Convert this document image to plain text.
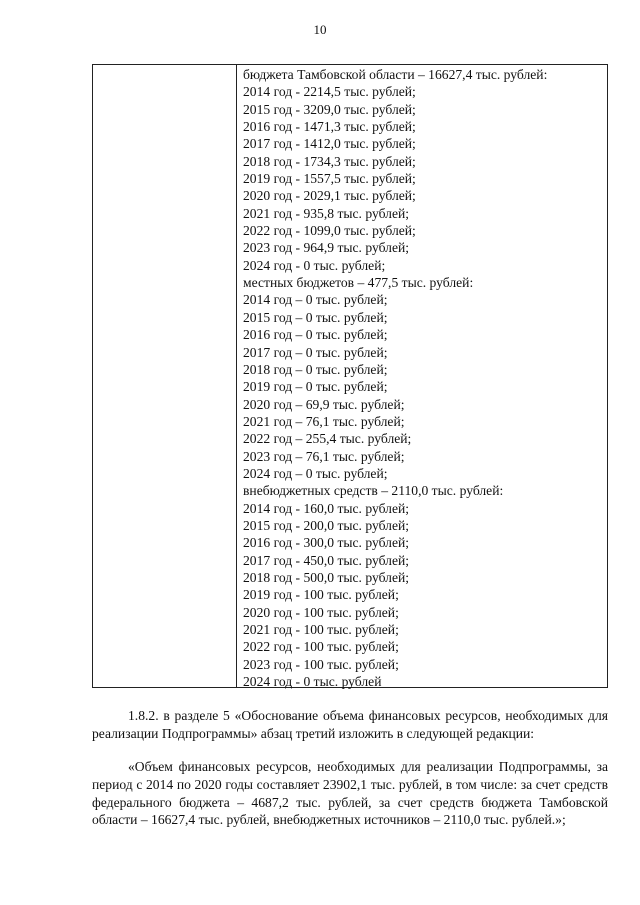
10
бюджета Тамбовской области – 16627,4 тыс. рублей:
2014 год - 2214,5 тыс. рублей;
2015 год - 3209,0 тыс. рублей;
2016 год - 1471,3 тыс. рублей;
2017 год - 1412,0 тыс. рублей;
2018 год - 1734,3 тыс. рублей;
2019 год - 1557,5 тыс. рублей;
2020 год - 2029,1 тыс. рублей;
2021 год - 935,8 тыс. рублей;
2022 год - 1099,0 тыс. рублей;
2023 год - 964,9 тыс. рублей;
2024 год - 0 тыс. рублей;
местных бюджетов – 477,5 тыс. рублей:
2014 год – 0 тыс. рублей;
2015 год – 0 тыс. рублей;
2016 год – 0 тыс. рублей;
2017 год – 0 тыс. рублей;
2018 год – 0 тыс. рублей;
2019 год – 0 тыс. рублей;
2020 год – 69,9 тыс. рублей;
2021 год – 76,1 тыс. рублей;
2022 год – 255,4 тыс. рублей;
2023 год – 76,1 тыс. рублей;
2024 год – 0 тыс. рублей;
внебюджетных средств – 2110,0 тыс. рублей:
2014 год - 160,0 тыс. рублей;
2015 год - 200,0 тыс. рублей;
2016 год - 300,0 тыс. рублей;
2017 год - 450,0 тыс. рублей;
2018 год - 500,0 тыс. рублей;
2019 год - 100 тыс. рублей;
2020 год - 100 тыс. рублей;
2021 год - 100 тыс. рублей;
2022 год - 100 тыс. рублей;
2023 год - 100 тыс. рублей;
2024 год - 0 тыс. рублей
1.8.2. в разделе 5 «Обоснование объема финансовых ресурсов, необходимых для реализации Подпрограммы» абзац третий изложить в следующей редакции:
«Объем финансовых ресурсов, необходимых для реализации Подпрограммы, за период с 2014 по 2020 годы составляет 23902,1 тыс. рублей, в том числе: за счет средств федерального бюджета – 4687,2 тыс. рублей, за счет средств бюджета Тамбовской области – 16627,4 тыс. рублей, внебюджетных источников – 2110,0 тыс. рублей.»;
